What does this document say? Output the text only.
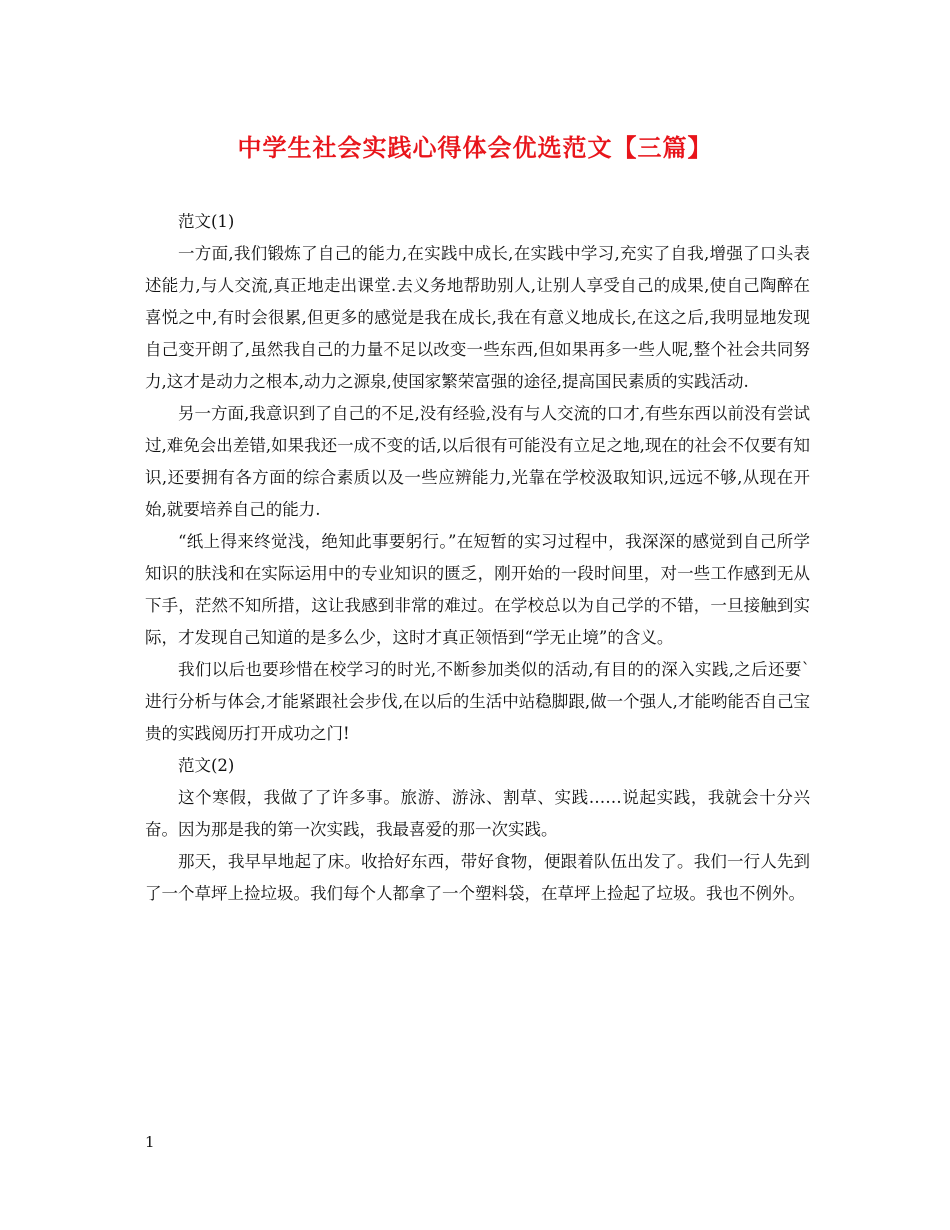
中学生社会实践心得体会优选范文【三篇】

范文(1)

一方面,我们锻炼了自己的能力,在实践中成长,在实践中学习,充实了自我,增强了口头表述能力,与人交流,真正地走出课堂.去义务地帮助别人,让别人享受自己的成果,使自己陶醉在喜悦之中,有时会很累,但更多的感觉是我在成长,我在有意义地成长,在这之后,我明显地发现自己变开朗了,虽然我自己的力量不足以改变一些东西,但如果再多一些人呢,整个社会共同努力,这才是动力之根本,动力之源泉,使国家繁荣富强的途径,提高国民素质的实践活动.

另一方面,我意识到了自己的不足,没有经验,没有与人交流的口才,有些东西以前没有尝试过,难免会出差错,如果我还一成不变的话,以后很有可能没有立足之地,现在的社会不仅要有知识,还要拥有各方面的综合素质以及一些应辨能力,光靠在学校汲取知识,远远不够,从现在开始,就要培养自己的能力.

“纸上得来终觉浅，绝知此事要躬行。”在短暂的实习过程中，我深深的感觉到自己所学知识的肤浅和在实际运用中的专业知识的匮乏，刚开始的一段时间里，对一些工作感到无从下手，茫然不知所措，这让我感到非常的难过。在学校总以为自己学的不错，一旦接触到实际，才发现自己知道的是多么少，这时才真正领悟到“学无止境”的含义。

我们以后也要珍惜在校学习的时光,不断参加类似的活动,有目的的深入实践,之后还要`进行分析与体会,才能紧跟社会步伐,在以后的生活中站稳脚跟,做一个强人,才能哟能否自己宝贵的实践阅历打开成功之门!

范文(2)

这个寒假，我做了了许多事。旅游、游泳、割草、实践……说起实践，我就会十分兴奋。因为那是我的第一次实践，我最喜爱的那一次实践。

那天，我早早地起了床。收拾好东西，带好食物，便跟着队伍出发了。我们一行人先到了一个草坪上捡垃圾。我们每个人都拿了一个塑料袋，在草坪上捡起了垃圾。我也不例外。

1
